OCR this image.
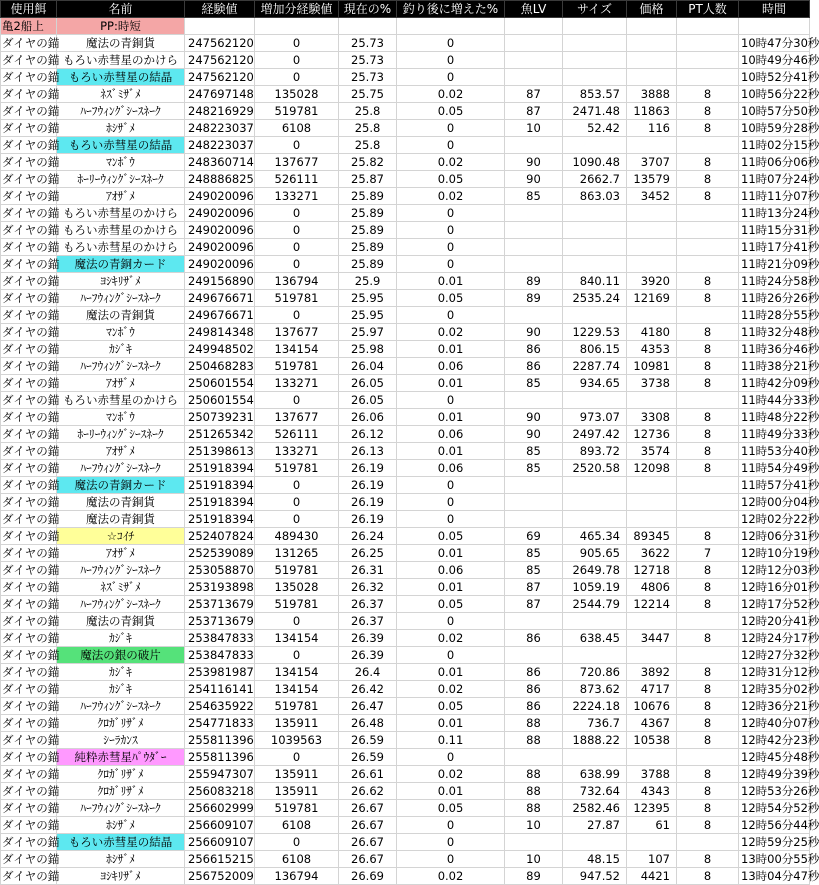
使用餌	名前	経験値	増加分経験値	現在の%	釣り後に増えた%	魚LV	サイズ	価格	PT人数	時間
亀2船上	PP:時短									
ダイヤの錨	魔法の青銅貨	247562120	0	25.73	0					10時47分30秒
ダイヤの錨	もろい赤彗星のかけら	247562120	0	25.73	0					10時49分46秒
ダイヤの錨	もろい赤彗星の結晶	247562120	0	25.73	0					10時52分41秒
ダイヤの錨	ﾈｽﾞﾐｻﾞﾒ	247697148	135028	25.75	0.02	87	853.57	3888	8	10時56分22秒
ダイヤの錨	ﾊｰﾌｳｨﾝｸﾞｼｰｽﾈｰｸ	248216929	519781	25.8	0.05	87	2471.48	11863	8	10時57分50秒
ダイヤの錨	ﾎｼｻﾞﾒ	248223037	6108	25.8	0	10	52.42	116	8	10時59分28秒
ダイヤの錨	もろい赤彗星の結晶	248223037	0	25.8	0					11時02分15秒
ダイヤの錨	ﾏﾝﾎﾞｳ	248360714	137677	25.82	0.02	90	1090.48	3707	8	11時06分06秒
ダイヤの錨	ﾎｰﾘｰｳｨﾝｸﾞｼｰｽﾈｰｸ	248886825	526111	25.87	0.05	90	2662.7	13579	8	11時07分24秒
ダイヤの錨	ｱｵｻﾞﾒ	249020096	133271	25.89	0.02	85	863.03	3452	8	11時11分07秒
ダイヤの錨	もろい赤彗星のかけら	249020096	0	25.89	0					11時13分24秒
ダイヤの錨	もろい赤彗星のかけら	249020096	0	25.89	0					11時15分31秒
ダイヤの錨	もろい赤彗星のかけら	249020096	0	25.89	0					11時17分41秒
ダイヤの錨	魔法の青銅カード	249020096	0	25.89	0					11時21分09秒
ダイヤの錨	ﾖｼｷﾘｻﾞﾒ	249156890	136794	25.9	0.01	89	840.11	3920	8	11時24分58秒
ダイヤの錨	ﾊｰﾌｳｨﾝｸﾞｼｰｽﾈｰｸ	249676671	519781	25.95	0.05	89	2535.24	12169	8	11時26分26秒
ダイヤの錨	魔法の青銅貨	249676671	0	25.95	0					11時28分55秒
ダイヤの錨	ﾏﾝﾎﾞｳ	249814348	137677	25.97	0.02	90	1229.53	4180	8	11時32分48秒
ダイヤの錨	ｶｼﾞｷ	249948502	134154	25.98	0.01	86	806.15	4353	8	11時36分46秒
ダイヤの錨	ﾊｰﾌｳｨﾝｸﾞｼｰｽﾈｰｸ	250468283	519781	26.04	0.06	86	2287.74	10981	8	11時38分21秒
ダイヤの錨	ｱｵｻﾞﾒ	250601554	133271	26.05	0.01	85	934.65	3738	8	11時42分09秒
ダイヤの錨	もろい赤彗星のかけら	250601554	0	26.05	0					11時44分33秒
ダイヤの錨	ﾏﾝﾎﾞｳ	250739231	137677	26.06	0.01	90	973.07	3308	8	11時48分22秒
ダイヤの錨	ﾎｰﾘｰｳｨﾝｸﾞｼｰｽﾈｰｸ	251265342	526111	26.12	0.06	90	2497.42	12736	8	11時49分33秒
ダイヤの錨	ｱｵｻﾞﾒ	251398613	133271	26.13	0.01	85	893.72	3574	8	11時53分40秒
ダイヤの錨	ﾊｰﾌｳｨﾝｸﾞｼｰｽﾈｰｸ	251918394	519781	26.19	0.06	85	2520.58	12098	8	11時54分49秒
ダイヤの錨	魔法の青銅カード	251918394	0	26.19	0					11時57分41秒
ダイヤの錨	魔法の青銅貨	251918394	0	26.19	0					12時00分04秒
ダイヤの錨	魔法の青銅貨	251918394	0	26.19	0					12時02分22秒
ダイヤの錨	☆ｺｲﾁ	252407824	489430	26.24	0.05	69	465.34	89345	8	12時06分31秒
ダイヤの錨	ｱｵｻﾞﾒ	252539089	131265	26.25	0.01	85	905.65	3622	7	12時10分19秒
ダイヤの錨	ﾊｰﾌｳｨﾝｸﾞｼｰｽﾈｰｸ	253058870	519781	26.31	0.06	85	2649.78	12718	8	12時12分03秒
ダイヤの錨	ﾈｽﾞﾐｻﾞﾒ	253193898	135028	26.32	0.01	87	1059.19	4806	8	12時16分01秒
ダイヤの錨	ﾊｰﾌｳｨﾝｸﾞｼｰｽﾈｰｸ	253713679	519781	26.37	0.05	87	2544.79	12214	8	12時17分52秒
ダイヤの錨	魔法の青銅貨	253713679	0	26.37	0					12時20分41秒
ダイヤの錨	ｶｼﾞｷ	253847833	134154	26.39	0.02	86	638.45	3447	8	12時24分17秒
ダイヤの錨	魔法の銀の破片	253847833	0	26.39	0					12時27分32秒
ダイヤの錨	ｶｼﾞｷ	253981987	134154	26.4	0.01	86	720.86	3892	8	12時31分12秒
ダイヤの錨	ｶｼﾞｷ	254116141	134154	26.42	0.02	86	873.62	4717	8	12時35分02秒
ダイヤの錨	ﾊｰﾌｳｨﾝｸﾞｼｰｽﾈｰｸ	254635922	519781	26.47	0.05	86	2224.18	10676	8	12時36分21秒
ダイヤの錨	ｸﾛｶﾞﾘｻﾞﾒ	254771833	135911	26.48	0.01	88	736.7	4367	8	12時40分07秒
ダイヤの錨	ｼｰﾗｶﾝｽ	255811396	1039563	26.59	0.11	88	1888.22	10538	8	12時42分23秒
ダイヤの錨	純粋赤彗星ﾊﾟｳﾀﾞｰ	255811396	0	26.59	0					12時45分48秒
ダイヤの錨	ｸﾛｶﾞﾘｻﾞﾒ	255947307	135911	26.61	0.02	88	638.99	3788	8	12時49分39秒
ダイヤの錨	ｸﾛｶﾞﾘｻﾞﾒ	256083218	135911	26.62	0.01	88	732.64	4343	8	12時53分26秒
ダイヤの錨	ﾊｰﾌｳｨﾝｸﾞｼｰｽﾈｰｸ	256602999	519781	26.67	0.05	88	2582.46	12395	8	12時54分52秒
ダイヤの錨	ﾎｼｻﾞﾒ	256609107	6108	26.67	0	10	27.87	61	8	12時56分44秒
ダイヤの錨	もろい赤彗星の結晶	256609107	0	26.67	0					12時59分25秒
ダイヤの錨	ﾎｼｻﾞﾒ	256615215	6108	26.67	0	10	48.15	107	8	13時00分55秒
ダイヤの錨	ﾖｼｷﾘｻﾞﾒ	256752009	136794	26.69	0.02	89	947.52	4421	8	13時04分47秒
